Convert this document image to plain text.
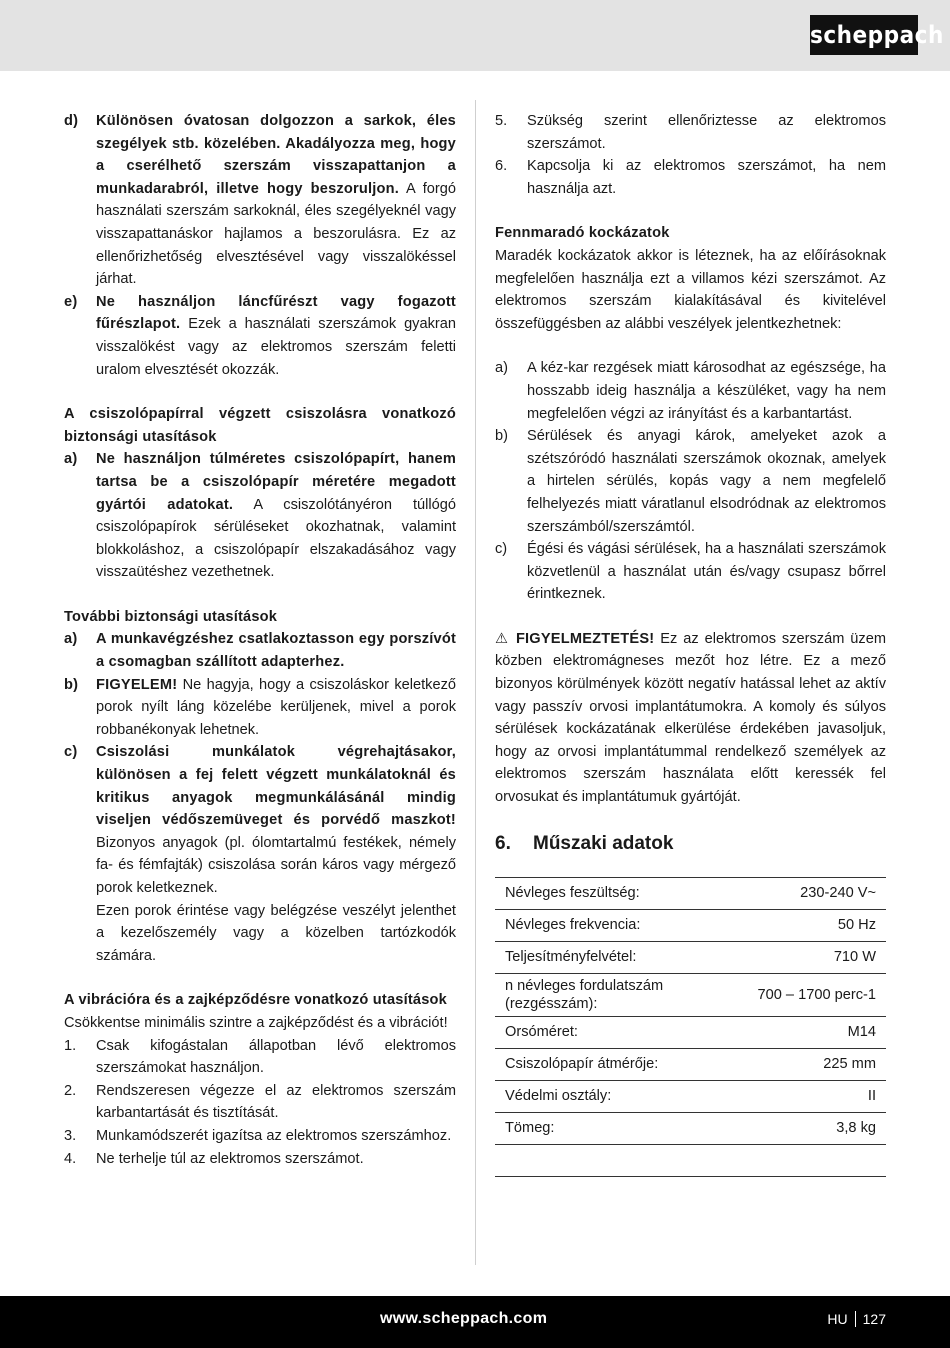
scheppach
d)	Különösen óvatosan dolgozzon a sarkok, éles szegélyek stb. közelében. Akadályozza meg, hogy a cserélhető szerszám visszapattanjon a munkadarabról, illetve hogy beszoruljon. A forgó használati szerszám sarkoknál, éles szegélyeknél vagy visszapattanáskor hajlamos a beszorulásra. Ez az ellenőrizhetőség elvesztésével vagy visszalökéssel járhat.
e)	Ne használjon láncfűrészt vagy fogazott fűrészlapot. Ezek a használati szerszámok gyakran visszalökést vagy az elektromos szerszám feletti uralom elvesztését okozzák.

A csiszolópapírral végzett csiszolásra vonatkozó biztonsági utasítások

a)	Ne használjon túlméretes csiszolópapírt, hanem tartsa be a csiszolópapír méretére megadott gyártói adatokat. A csiszolótányéron túllógó csiszolópapírok sérüléseket okozhatnak, valamint blokkoláshoz, a csiszolópapír elszakadásához vagy visszaütéshez vezethetnek.

További biztonsági utasítások

a)	A munkavégzéshez csatlakoztasson egy porszívót a csomagban szállított adapterhez.
b)	FIGYELEM! Ne hagyja, hogy a csiszoláskor keletkező porok nyílt láng közelébe kerüljenek, mivel a porok robbanékonyak lehetnek.
c)	Csiszolási munkálatok végrehajtásakor, különösen a fej felett végzett munkálatoknál és kritikus anyagok megmunkálásánál mindig viseljen védőszemüveget és porvédő maszkot! Bizonyos anyagok (pl. ólomtartalmú festékek, némely fa- és fémfajták) csiszolása során káros vagy mérgező porok keletkeznek.
Ezen porok érintése vagy belégzése veszélyt jelenthet a kezelőszemély vagy a közelben tartózkodók számára.

A vibrációra és a zajképződésre vonatkozó utasítások

Csökkentse minimális szintre a zajképződést és a vibrációt!

1.	Csak kifogástalan állapotban lévő elektromos szerszámokat használjon.
2.	Rendszeresen végezze el az elektromos szerszám karbantartását és tisztítását.
3.	Munkamódszerét igazítsa az elektromos szerszámhoz.
4.	Ne terhelje túl az elektromos szerszámot.
5.	Szükség szerint ellenőriztesse az elektromos szerszámot.
6.	Kapcsolja ki az elektromos szerszámot, ha nem használja azt.

Fennmaradó kockázatok

Maradék kockázatok akkor is léteznek, ha az előírásoknak megfelelően használja ezt a villamos kézi szerszámot. Az elektromos szerszám kialakításával és kivitelével összefüggésben az alábbi veszélyek jelentkezhetnek:

a)	A kéz-kar rezgések miatt károsodhat az egészsége, ha hosszabb ideig használja a készüléket, vagy ha nem megfelelően végzi az irányítást és a karbantartást.
b)	Sérülések és anyagi károk, amelyeket azok a szétszóródó használati szerszámok okoznak, amelyek a hirtelen sérülés, kopás vagy a nem megfelelő felhelyezés miatt váratlanul elsodródnak az elektromos szerszámból/szerszámtól.
c)	Égési és vágási sérülések, ha a használati szerszámok közvetlenül a használat után és/vagy csupasz bőrrel érintkeznek.

⚠ FIGYELMEZTETÉS! Ez az elektromos szerszám üzem közben elektromágneses mezőt hoz létre. Ez a mező bizonyos körülmények között negatív hatással lehet az aktív vagy passzív orvosi implantátumokra. A komoly és súlyos sérülések kockázatának elkerülése érdekében javasoljuk, hogy az orvosi implantátummal rendelkező személyek az elektromos szerszám használata előtt keressék fel orvosukat és implantátumuk gyártóját.

6. Műszaki adatok
Névleges feszültség:	230-240 V~
Névleges frekvencia:	50 Hz
Teljesítményfelvétel:	710 W
n névleges fordulatszám (rezgésszám):	700 – 1700 perc-1
Orsóméret:	M14
Csiszolópapír átmérője:	225 mm
Védelmi osztály:	II
Tömeg:	3,8 kg

www.scheppach.com	HU 127
